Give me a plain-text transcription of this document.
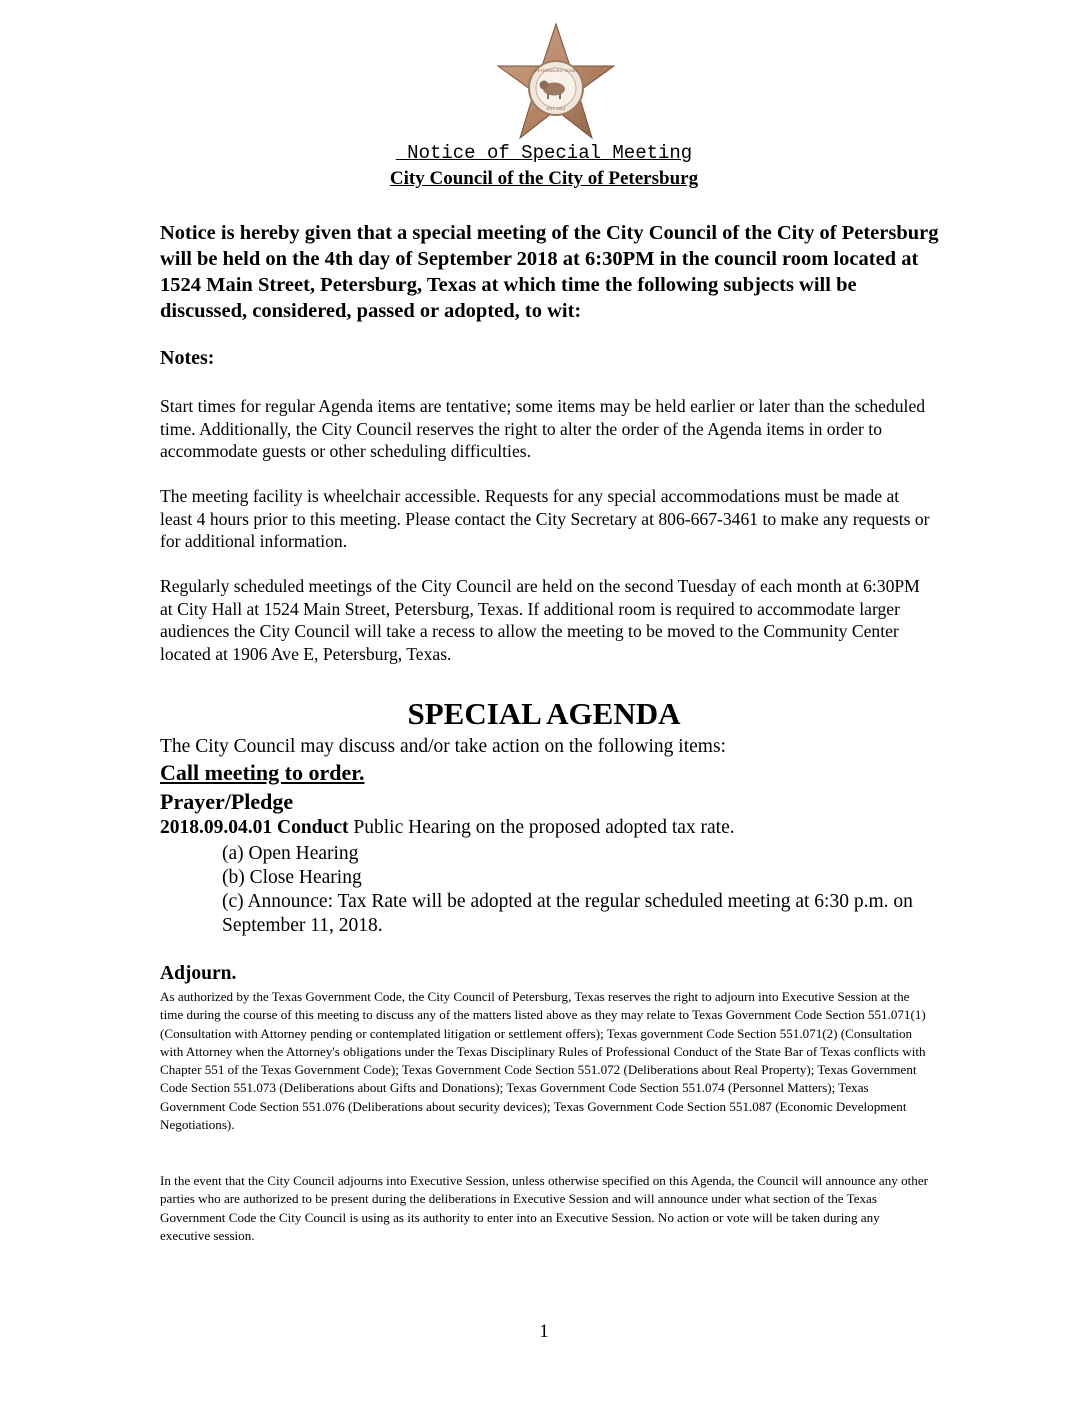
PETERSBURG TEXAS
EST. 1913
Notice of Special Meeting
City Council of the City of Petersburg
Notice is hereby given that a special meeting of the City Council of the City of Petersburg will be held on the 4th day of September 2018 at 6:30PM in the council room located at 1524 Main Street, Petersburg, Texas at which time the following subjects will be discussed, considered, passed or adopted, to wit:
Notes:
Start times for regular Agenda items are tentative; some items may be held earlier or later than the scheduled time. Additionally, the City Council reserves the right to alter the order of the Agenda items in order to accommodate guests or other scheduling difficulties.
The meeting facility is wheelchair accessible. Requests for any special accommodations must be made at least 4 hours prior to this meeting. Please contact the City Secretary at 806-667-3461 to make any requests or for additional information.
Regularly scheduled meetings of the City Council are held on the second Tuesday of each month at 6:30PM at City Hall at 1524 Main Street, Petersburg, Texas. If additional room is required to accommodate larger audiences the City Council will take a recess to allow the meeting to be moved to the Community Center located at 1906 Ave E, Petersburg, Texas.
SPECIAL AGENDA
The City Council may discuss and/or take action on the following items:
Call meeting to order.
Prayer/Pledge
2018.09.04.01 Conduct Public Hearing on the proposed adopted tax rate.
(a) Open Hearing
(b) Close Hearing
(c) Announce: Tax Rate will be adopted at the regular scheduled meeting at 6:30 p.m. on September 11, 2018.
Adjourn.
As authorized by the Texas Government Code, the City Council of Petersburg, Texas reserves the right to adjourn into Executive Session at the time during the course of this meeting to discuss any of the matters listed above as they may relate to Texas Government Code Section 551.071(1) (Consultation with Attorney pending or contemplated litigation or settlement offers); Texas government Code Section 551.071(2) (Consultation with Attorney when the Attorney's obligations under the Texas Disciplinary Rules of Professional Conduct of the State Bar of Texas conflicts with Chapter 551 of the Texas Government Code); Texas Government Code Section 551.072 (Deliberations about Real Property); Texas Government Code Section 551.073 (Deliberations about Gifts and Donations); Texas Government Code Section 551.074 (Personnel Matters); Texas Government Code Section 551.076 (Deliberations about security devices); Texas Government Code Section 551.087 (Economic Development Negotiations).
In the event that the City Council adjourns into Executive Session, unless otherwise specified on this Agenda, the Council will announce any other parties who are authorized to be present during the deliberations in Executive Session and will announce under what section of the Texas Government Code the City Council is using as its authority to enter into an Executive Session. No action or vote will be taken during any executive session.
1
